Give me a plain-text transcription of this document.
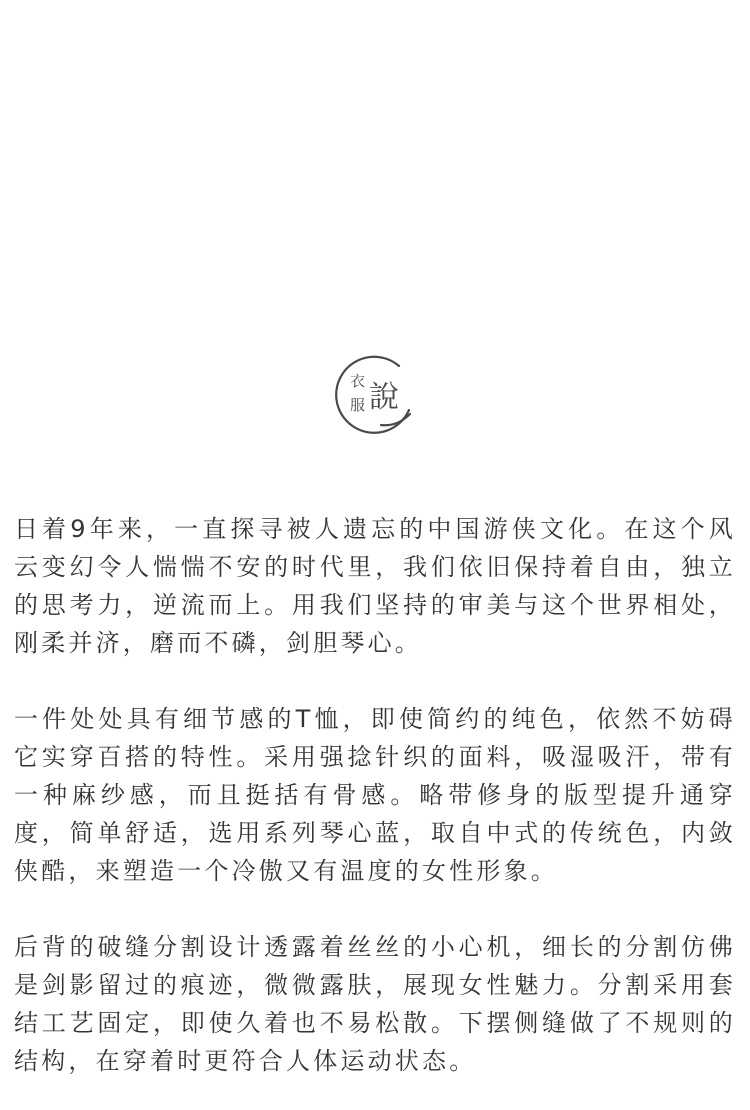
衣
服 說

日着9年来，一直探寻被人遗忘的中国游侠文化。在这个风云变幻令人惴惴不安的时代里，我们依旧保持着自由，独立的思考力，逆流而上。用我们坚持的审美与这个世界相处，刚柔并济，磨而不磷，剑胆琴心。

一件处处具有细节感的T恤，即使简约的纯色，依然不妨碍它实穿百搭的特性。采用强捻针织的面料，吸湿吸汗，带有一种麻纱感，而且挺括有骨感。略带修身的版型提升通穿度，简单舒适，选用系列琴心蓝，取自中式的传统色，内敛侠酷，来塑造一个冷傲又有温度的女性形象。

后背的破缝分割设计透露着丝丝的小心机，细长的分割仿佛是剑影留过的痕迹，微微露肤，展现女性魅力。分割采用套结工艺固定，即使久着也不易松散。下摆侧缝做了不规则的结构，在穿着时更符合人体运动状态。
